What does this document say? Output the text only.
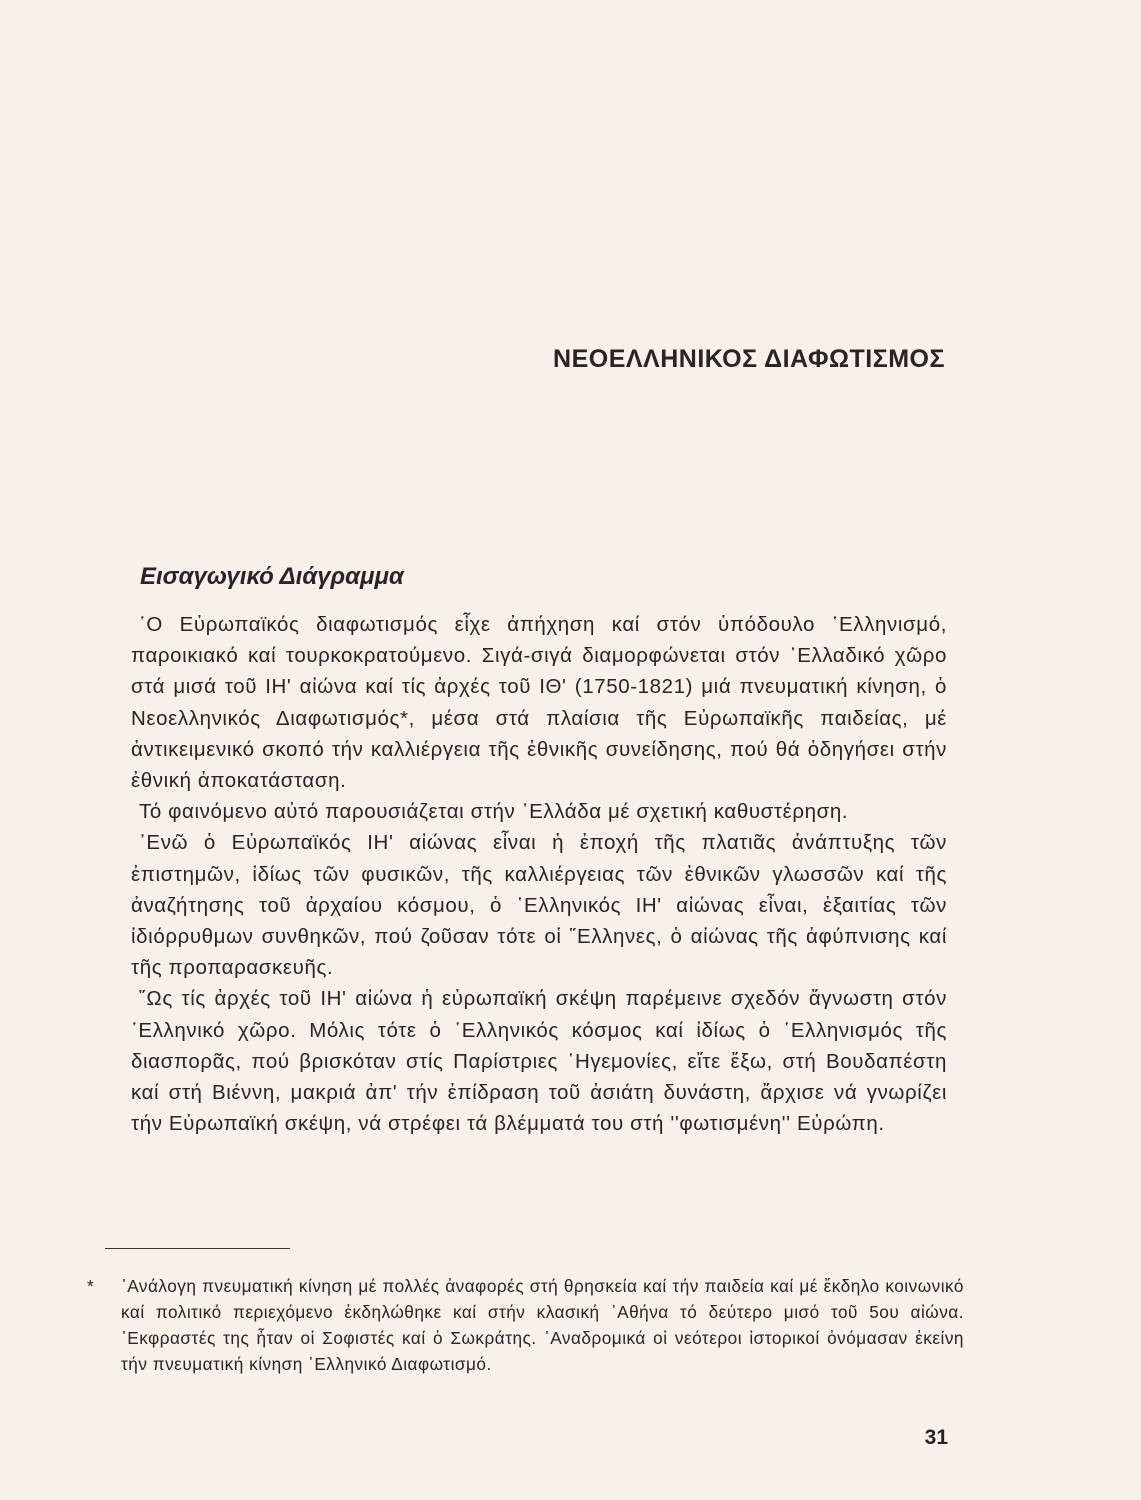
ΝΕΟΕΛΛΗΝΙΚΟΣ ΔΙΑΦΩΤΙΣΜΟΣ
Εισαγωγικό Διάγραμμα

῾Ο Εὐρωπαϊκός διαφωτισμός εἶχε ἀπήχηση καί στόν ὑπόδουλο ῾Ελληνισμό, παροικιακό καί τουρκοκρατούμενο. Σιγά-σιγά διαμορφώνεται στόν ῾Ελλαδικό χῶρο στά μισά τοῦ ΙΗ' αἰώνα καί τίς ἀρχές τοῦ ΙΘ' (1750-1821) μιά πνευματική κίνηση, ὁ Νεοελληνικός Διαφωτισμός*, μέσα στά πλαίσια τῆς Εὐρωπαϊκῆς παιδείας, μέ ἀντικειμενικό σκοπό τήν καλλιέργεια τῆς ἐθνικῆς συνείδησης, πού θά ὁδηγήσει στήν ἐθνική ἀποκατάσταση.

Τό φαινόμενο αὐτό παρουσιάζεται στήν ῾Ελλάδα μέ σχετική καθυστέρηση.

᾿Ενῶ ὁ Εὐρωπαϊκός ΙΗ' αἰώνας εἶναι ἡ ἐποχή τῆς πλατιᾶς ἀνάπτυξης τῶν ἐπιστημῶν, ἰδίως τῶν φυσικῶν, τῆς καλλιέργειας τῶν ἐθνικῶν γλωσσῶν καί τῆς ἀναζήτησης τοῦ ἀρχαίου κόσμου, ὁ ῾Ελληνικός ΙΗ' αἰώνας εἶναι, ἐξαιτίας τῶν ἰδιόρρυθμων συνθηκῶν, πού ζοῦσαν τότε οἱ ῞Ελληνες, ὁ αἰώνας τῆς ἀφύπνισης καί τῆς προπαρασκευῆς.

῞Ως τίς ἀρχές τοῦ ΙΗ' αἰώνα ἡ εὐρωπαϊκή σκέψη παρέμεινε σχεδόν ἄγνωστη στόν ῾Ελληνικό χῶρο. Μόλις τότε ὁ ῾Ελληνικός κόσμος καί ἰδίως ὁ ῾Ελληνισμός τῆς διασπορᾶς, πού βρισκόταν στίς Παρίστριες ῾Ηγεμονίες, εἴτε ἔξω, στή Βουδαπέστη καί στή Βιέννη, μακριά ἀπ' τήν ἐπίδραση τοῦ ἀσιάτη δυνάστη, ἄρχισε νά γνωρίζει τήν Εὐρωπαϊκή σκέψη, νά στρέφει τά βλέμματά του στή ''φωτισμένη'' Εὐρώπη.

* ᾿Ανάλογη πνευματική κίνηση μέ πολλές ἀναφορές στή θρησκεία καί τήν παιδεία καί μέ ἔκδηλο κοινωνικό καί πολιτικό περιεχόμενο ἐκδηλώθηκε καί στήν κλασική ᾿Αθήνα τό δεύτερο μισό τοῦ 5ου αἰώνα. ᾿Εκφραστές της ἦταν οἱ Σοφιστές καί ὁ Σωκράτης. ᾿Αναδρομικά οἱ νεότεροι ἱστορικοί ὀνόμασαν ἐκείνη τήν πνευματική κίνηση ῾Ελληνικό Διαφωτισμό.
31
